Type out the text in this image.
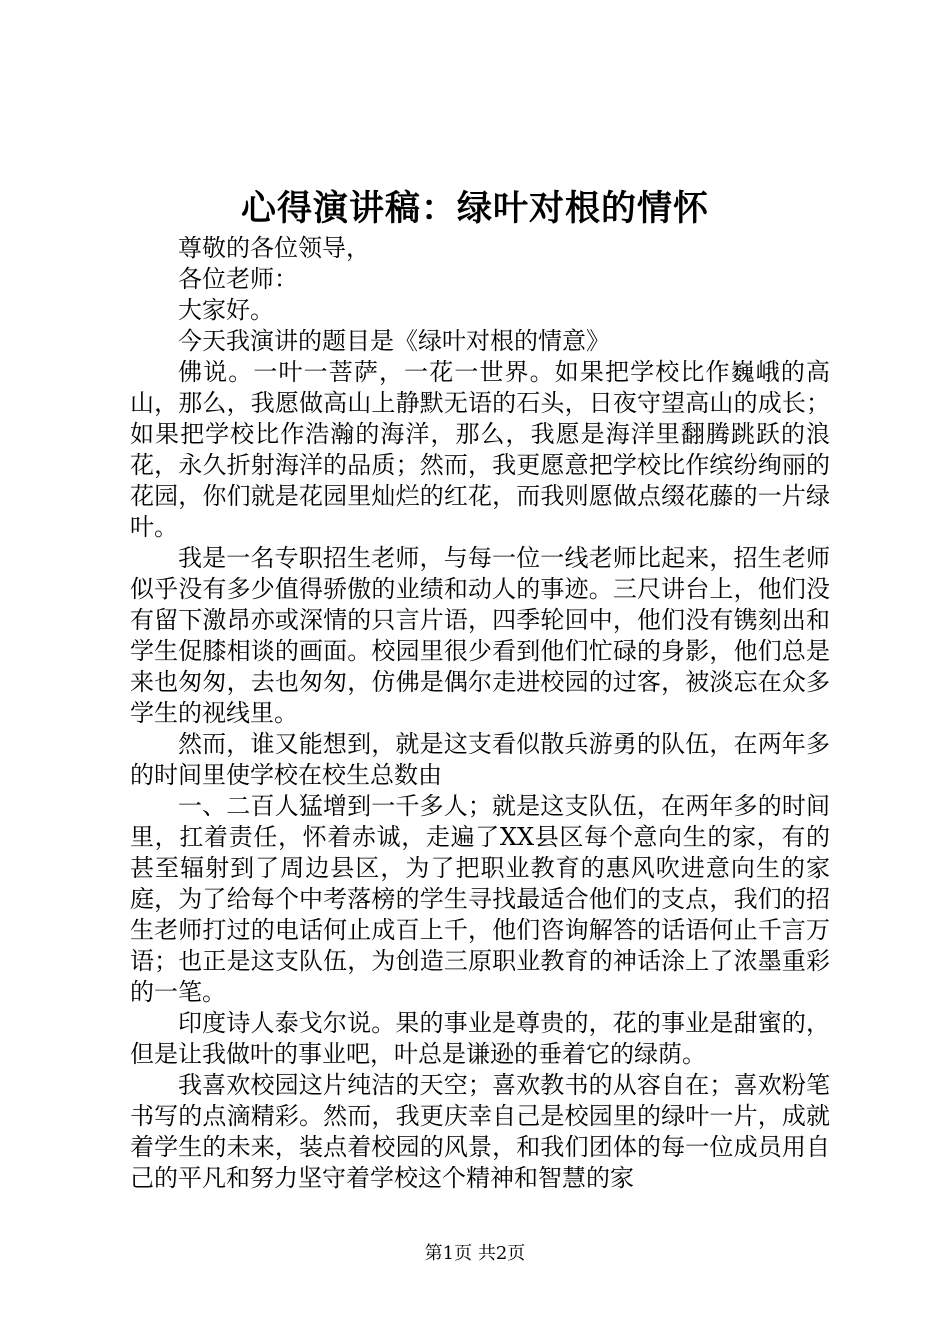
心得演讲稿：绿叶对根的情怀

尊敬的各位领导，

各位老师：

大家好。

今天我演讲的题目是《绿叶对根的情意》

佛说。一叶一菩萨，一花一世界。如果把学校比作巍峨的高山，那么，我愿做高山上静默无语的石头，日夜守望高山的成长；如果把学校比作浩瀚的海洋，那么，我愿是海洋里翻腾跳跃的浪花，永久折射海洋的品质；然而，我更愿意把学校比作缤纷绚丽的花园，你们就是花园里灿烂的红花，而我则愿做点缀花藤的一片绿叶。

我是一名专职招生老师，与每一位一线老师比起来，招生老师似乎没有多少值得骄傲的业绩和动人的事迹。三尺讲台上，他们没有留下激昂亦或深情的只言片语，四季轮回中，他们没有镌刻出和学生促膝相谈的画面。校园里很少看到他们忙碌的身影，他们总是来也匆匆，去也匆匆，仿佛是偶尔走进校园的过客，被淡忘在众多学生的视线里。

然而，谁又能想到，就是这支看似散兵游勇的队伍，在两年多的时间里使学校在校生总数由

一、二百人猛增到一千多人；就是这支队伍，在两年多的时间里，扛着责任，怀着赤诚，走遍了XX县区每个意向生的家，有的甚至辐射到了周边县区，为了把职业教育的惠风吹进意向生的家庭，为了给每个中考落榜的学生寻找最适合他们的支点，我们的招生老师打过的电话何止成百上千，他们咨询解答的话语何止千言万语；也正是这支队伍，为创造三原职业教育的神话涂上了浓墨重彩的一笔。

印度诗人泰戈尔说。果的事业是尊贵的，花的事业是甜蜜的，但是让我做叶的事业吧，叶总是谦逊的垂着它的绿荫。

我喜欢校园这片纯洁的天空；喜欢教书的从容自在；喜欢粉笔书写的点滴精彩。然而，我更庆幸自己是校园里的绿叶一片，成就着学生的未来，装点着校园的风景，和我们团体的每一位成员用自己的平凡和努力坚守着学校这个精神和智慧的家

第1页 共2页
